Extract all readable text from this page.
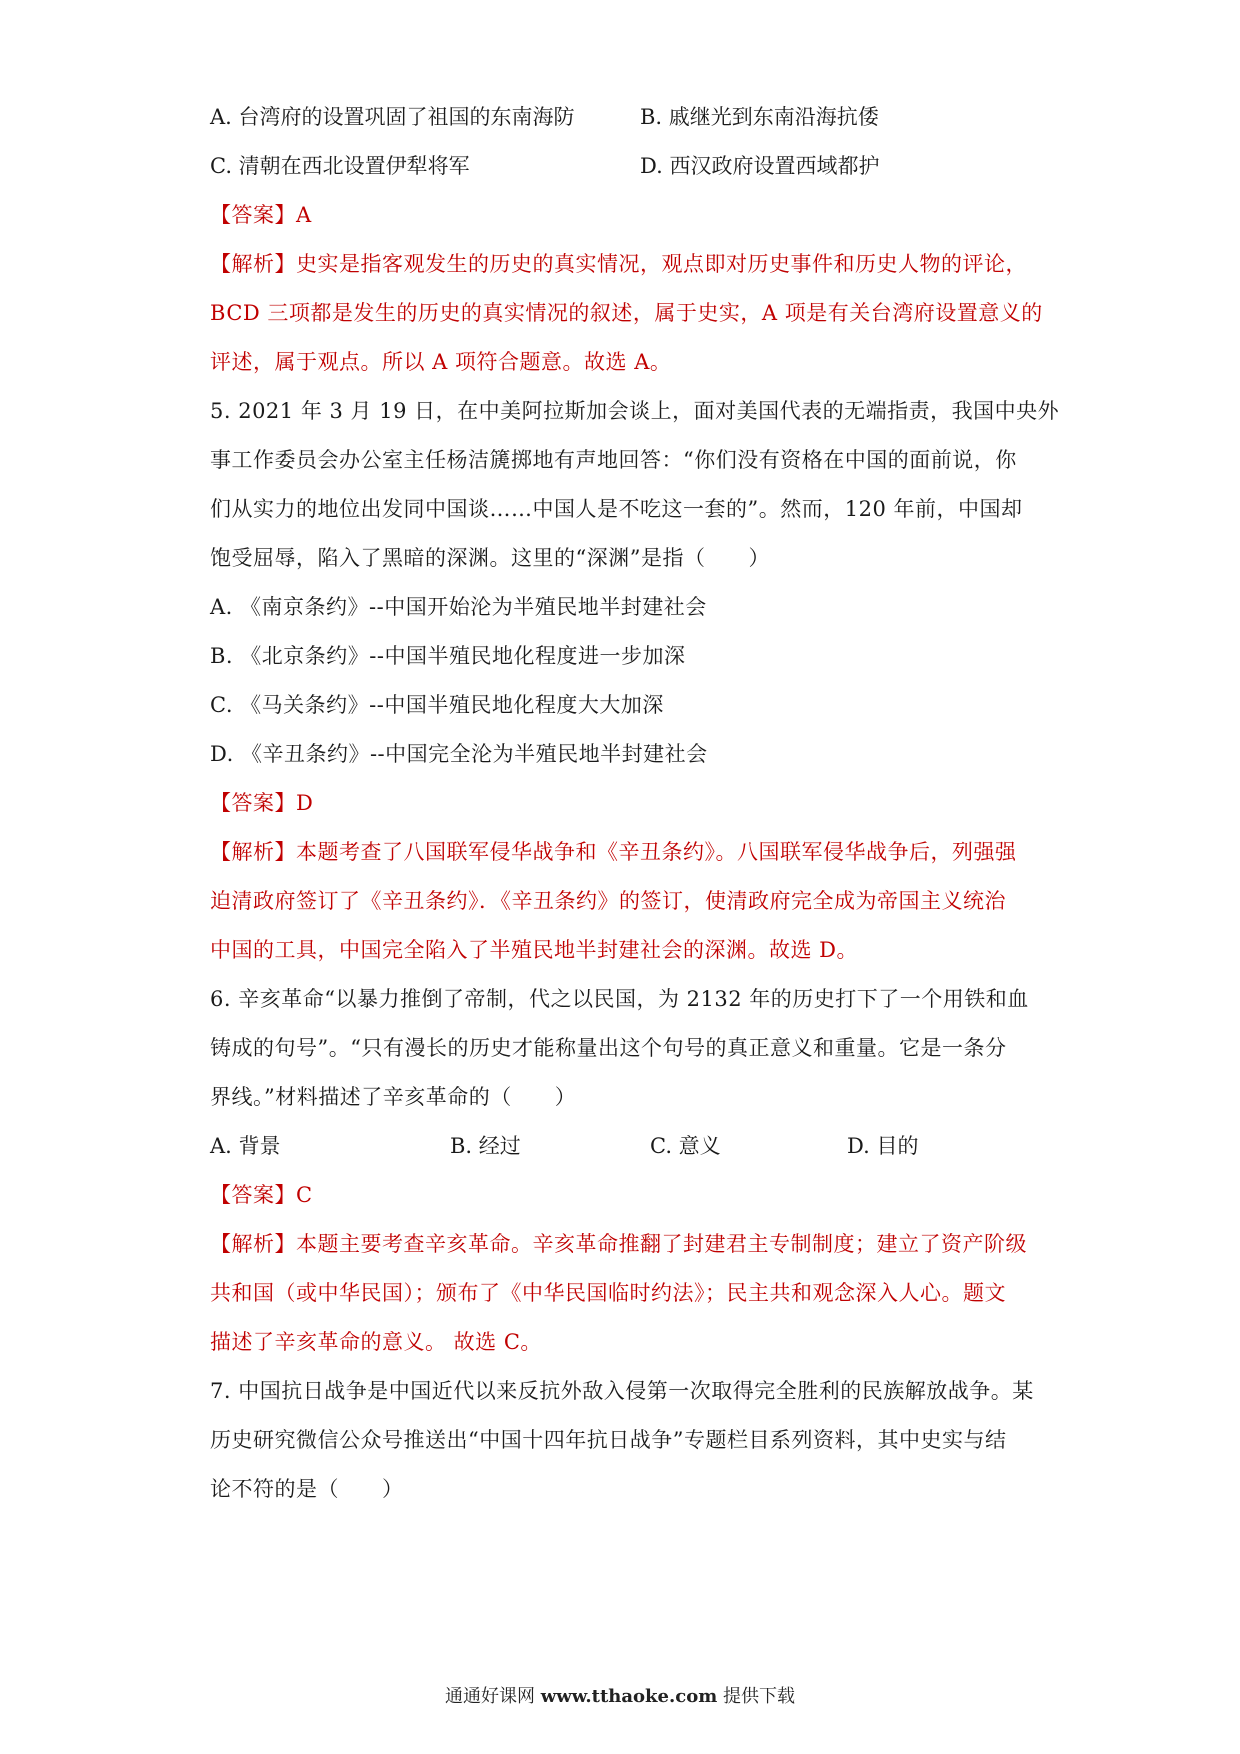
A. 台湾府的设置巩固了祖国的东南海防	B. 戚继光到东南沿海抗倭
C. 清朝在西北设置伊犁将军	D. 西汉政府设置西域都护
【答案】A
【解析】史实是指客观发生的历史的真实情况，观点即对历史事件和历史人物的评论，
BCD 三项都是发生的历史的真实情况的叙述，属于史实，A 项是有关台湾府设置意义的
评述，属于观点。所以 A 项符合题意。故选 A。
5. 2021 年 3 月 19 日，在中美阿拉斯加会谈上，面对美国代表的无端指责，我国中央外
事工作委员会办公室主任杨洁篪掷地有声地回答：“你们没有资格在中国的面前说，你
们从实力的地位出发同中国谈……中国人是不吃这一套的”。然而，120 年前，中国却
饱受屈辱，陷入了黑暗的深渊。这里的“深渊”是指（　　）
A. 《南京条约》--中国开始沦为半殖民地半封建社会
B. 《北京条约》--中国半殖民地化程度进一步加深
C. 《马关条约》--中国半殖民地化程度大大加深
D. 《辛丑条约》--中国完全沦为半殖民地半封建社会
【答案】D
【解析】本题考查了八国联军侵华战争和《辛丑条约》。八国联军侵华战争后，列强强
迫清政府签订了《辛丑条约》．《辛丑条约》的签订，使清政府完全成为帝国主义统治
中国的工具，中国完全陷入了半殖民地半封建社会的深渊。故选 D。
6. 辛亥革命“以暴力推倒了帝制，代之以民国，为 2132 年的历史打下了一个用铁和血
铸成的句号”。“只有漫长的历史才能称量出这个句号的真正意义和重量。它是一条分
界线。”材料描述了辛亥革命的（　　）
A. 背景	B. 经过	C. 意义	D. 目的
【答案】C
【解析】本题主要考查辛亥革命。辛亥革命推翻了封建君主专制制度；建立了资产阶级
共和国（或中华民国）；颁布了《中华民国临时约法》；民主共和观念深入人心。题文
描述了辛亥革命的意义。 故选 C。
7. 中国抗日战争是中国近代以来反抗外敌入侵第一次取得完全胜利的民族解放战争。某
历史研究微信公众号推送出“中国十四年抗日战争”专题栏目系列资料，其中史实与结
论不符的是（　　）
通通好课网 www.tthaoke.com 提供下载
